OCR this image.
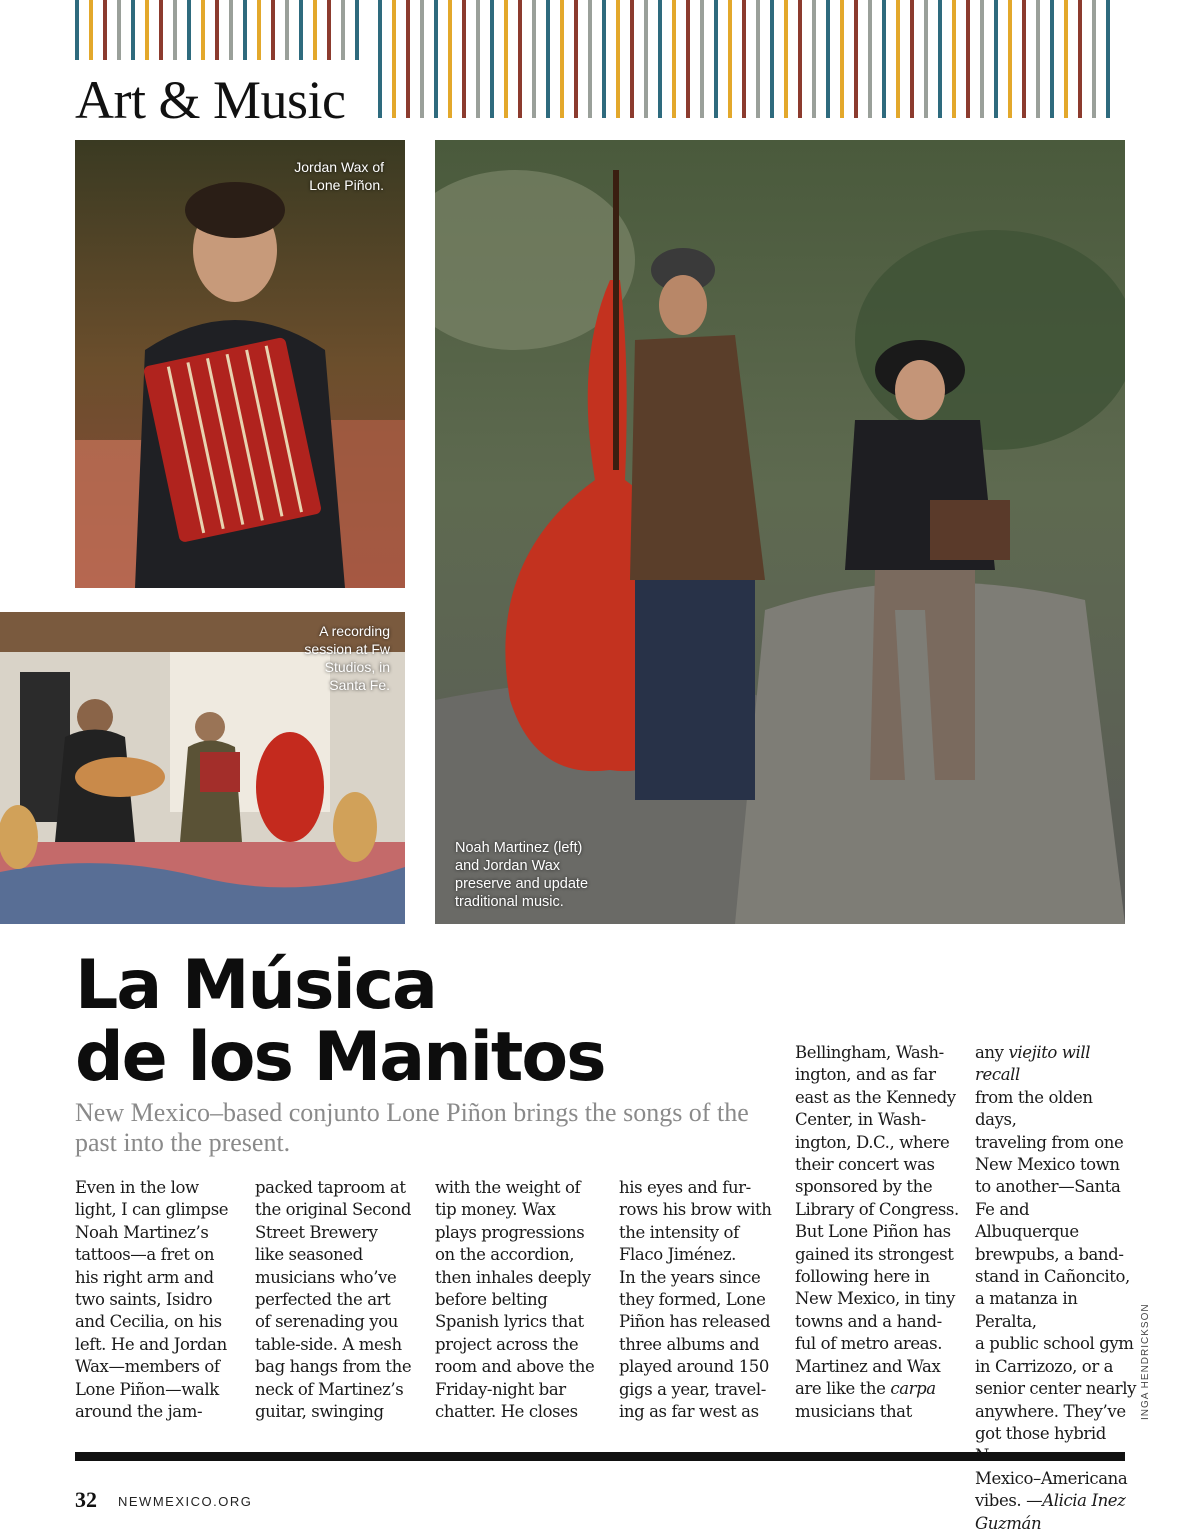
Art & Music
Jordan Wax of
Lone Piñon.
A recording
session at Fw
Studios, in
Santa Fe.
Noah Martinez (left)
and Jordan Wax
preserve and update
traditional music.
La Música
de los Manitos
New Mexico–based conjunto Lone Piñon brings the songs of the past into the present.

Even in the low

light, I can glimpse

Noah Martinez’s

tattoos—a fret on

his right arm and

two saints, Isidro

and Cecilia, on his

left. He and Jordan

Wax—members of

Lone Piñon—walk

around the jam-

packed taproom at

the original Second

Street Brewery

like seasoned

musicians who’ve

perfected the art

of serenading you

table-side. A mesh

bag hangs from the

neck of Martinez’s

guitar, swinging

with the weight of

tip money. Wax

plays progressions

on the accordion,

then inhales deeply

before belting

Spanish lyrics that

project across the

room and above the

Friday-night bar

chatter. He closes

his eyes and fur-

rows his brow with

the intensity of

Flaco Jiménez.

In the years since

they formed, Lone

Piñon has released

three albums and

played around 150

gigs a year, travel-

ing as far west as

Bellingham, Wash-

ington, and as far

east as the Kennedy

Center, in Wash-

ington, D.C., where

their concert was

sponsored by the

Library of Congress.

But Lone Piñon has

gained its strongest

following here in

New Mexico, in tiny

towns and a hand-

ful of metro areas.

Martinez and Wax

are like the carpa

musicians that

any viejito will recall

from the olden days,

traveling from one

New Mexico town

to another—Santa

Fe and Albuquerque

brewpubs, a band-

stand in Cañoncito,

a matanza in Peralta,

a public school gym

in Carrizozo, or a

senior center nearly

anywhere. They’ve

got those hybrid

Mexico–Americana

vibes. —Alicia Inez

Guzmán

INGA HENDRICKSON
32 NEWMEXICO.ORG
